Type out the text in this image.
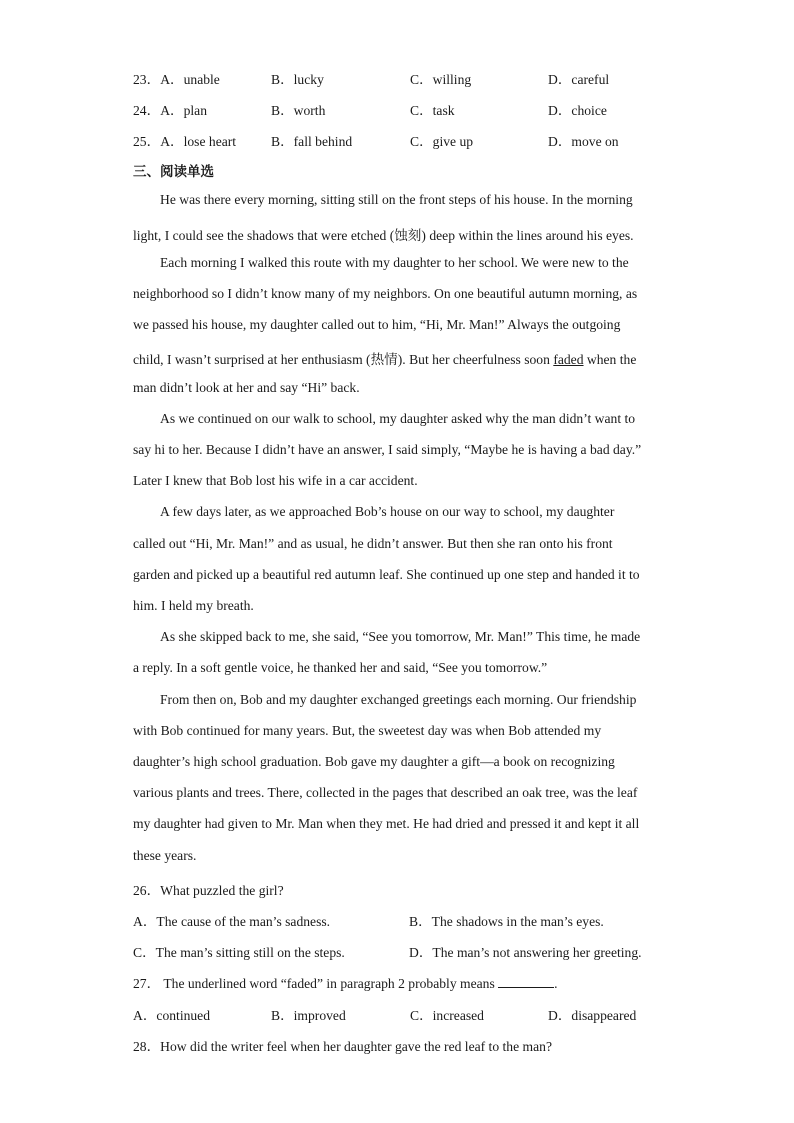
23．A．unable	B．lucky	C．willing	D．careful
24．A．plan	B．worth	C．task	D．choice
25．A．lose heart	B．fall behind	C．give up	D．move on
三、阅读单选
He was there every morning, sitting still on the front steps of his house. In the morning
light, I could see the shadows that were etched (蚀刻) deep within the lines around his eyes.
Each morning I walked this route with my daughter to her school. We were new to the
neighborhood so I didn’t know many of my neighbors. On one beautiful autumn morning, as
we passed his house, my daughter called out to him, “Hi, Mr. Man!” Always the outgoing
child, I wasn’t surprised at her enthusiasm (热情). But her cheerfulness soon faded when the
man didn’t look at her and say “Hi” back.
As we continued on our walk to school, my daughter asked why the man didn’t want to
say hi to her. Because I didn’t have an answer, I said simply, “Maybe he is having a bad day.”
Later I knew that Bob lost his wife in a car accident.
A few days later, as we approached Bob’s house on our way to school, my daughter
called out “Hi, Mr. Man!” and as usual, he didn’t answer. But then she ran onto his front
garden and picked up a beautiful red autumn leaf. She continued up one step and handed it to
him. I held my breath.
As she skipped back to me, she said, “See you tomorrow, Mr. Man!” This time, he made
a reply. In a soft gentle voice, he thanked her and said, “See you tomorrow.”
From then on, Bob and my daughter exchanged greetings each morning. Our friendship
with Bob continued for many years. But, the sweetest day was when Bob attended my
daughter’s high school graduation. Bob gave my daughter a gift—a book on recognizing
various plants and trees. There, collected in the pages that described an oak tree, was the leaf
my daughter had given to Mr. Man when they met. He had dried and pressed it and kept it all
these years.
26．What puzzled the girl?
A．The cause of the man’s sadness.	B．The shadows in the man’s eyes.
C．The man’s sitting still on the steps.	D．The man’s not answering her greeting.
27． The underlined word “faded” in paragraph 2 probably means	.
A．continued	B．improved	C．increased	D．disappeared
28．How did the writer feel when her daughter gave the red leaf to the man?
